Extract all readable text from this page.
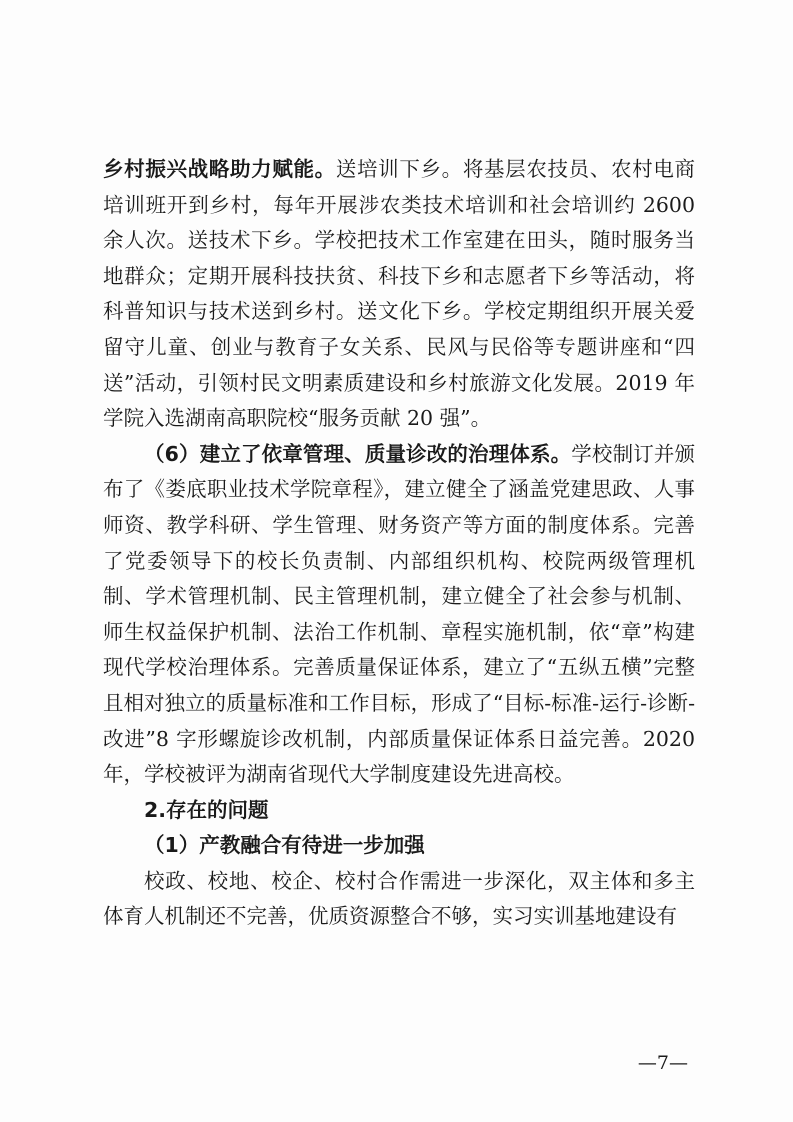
乡村振兴战略助力赋能。送培训下乡。将基层农技员、农村电商培训班开到乡村，每年开展涉农类技术培训和社会培训约 2600 余人次。送技术下乡。学校把技术工作室建在田头，随时服务当地群众；定期开展科技扶贫、科技下乡和志愿者下乡等活动，将科普知识与技术送到乡村。送文化下乡。学校定期组织开展关爱留守儿童、创业与教育子女关系、民风与民俗等专题讲座和“四送”活动，引领村民文明素质建设和乡村旅游文化发展。2019 年学院入选湖南高职院校“服务贡献 20 强”。

（6）建立了依章管理、质量诊改的治理体系。学校制订并颁布了《娄底职业技术学院章程》，建立健全了涵盖党建思政、人事师资、教学科研、学生管理、财务资产等方面的制度体系。完善了党委领导下的校长负责制、内部组织机构、校院两级管理机制、学术管理机制、民主管理机制，建立健全了社会参与机制、师生权益保护机制、法治工作机制、章程实施机制，依“章”构建现代学校治理体系。完善质量保证体系，建立了“五纵五横”完整且相对独立的质量标准和工作目标，形成了“目标-标准-运行-诊断-改进”8 字形螺旋诊改机制，内部质量保证体系日益完善。2020 年，学校被评为湖南省现代大学制度建设先进高校。

2.存在的问题

（1）产教融合有待进一步加强

校政、校地、校企、校村合作需进一步深化，双主体和多主体育人机制还不完善，优质资源整合不够，实习实训基地建设有

—7—
